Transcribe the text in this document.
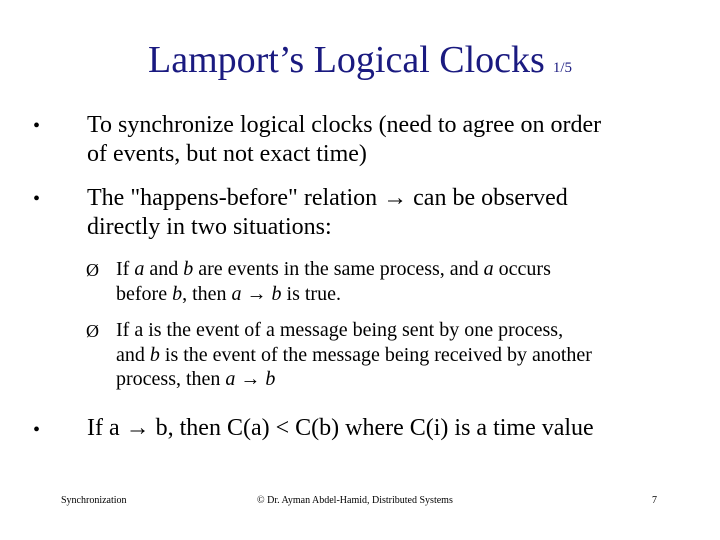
Lamport’s Logical Clocks 1/5
• To synchronize logical clocks (need to agree on order
of events, but not exact time)
• The "happens-before" relation → can be observed
directly in two situations:
Ø If a and b are events in the same process, and a occurs
before b, then a → b is true.
Ø If a is the event of a message being sent by one process,
and b is the event of the message being received by another
process, then a → b
• If a → b, then C(a) < C(b) where C(i) is a time value
Synchronization	© Dr. Ayman Abdel-Hamid, Distributed Systems	7
